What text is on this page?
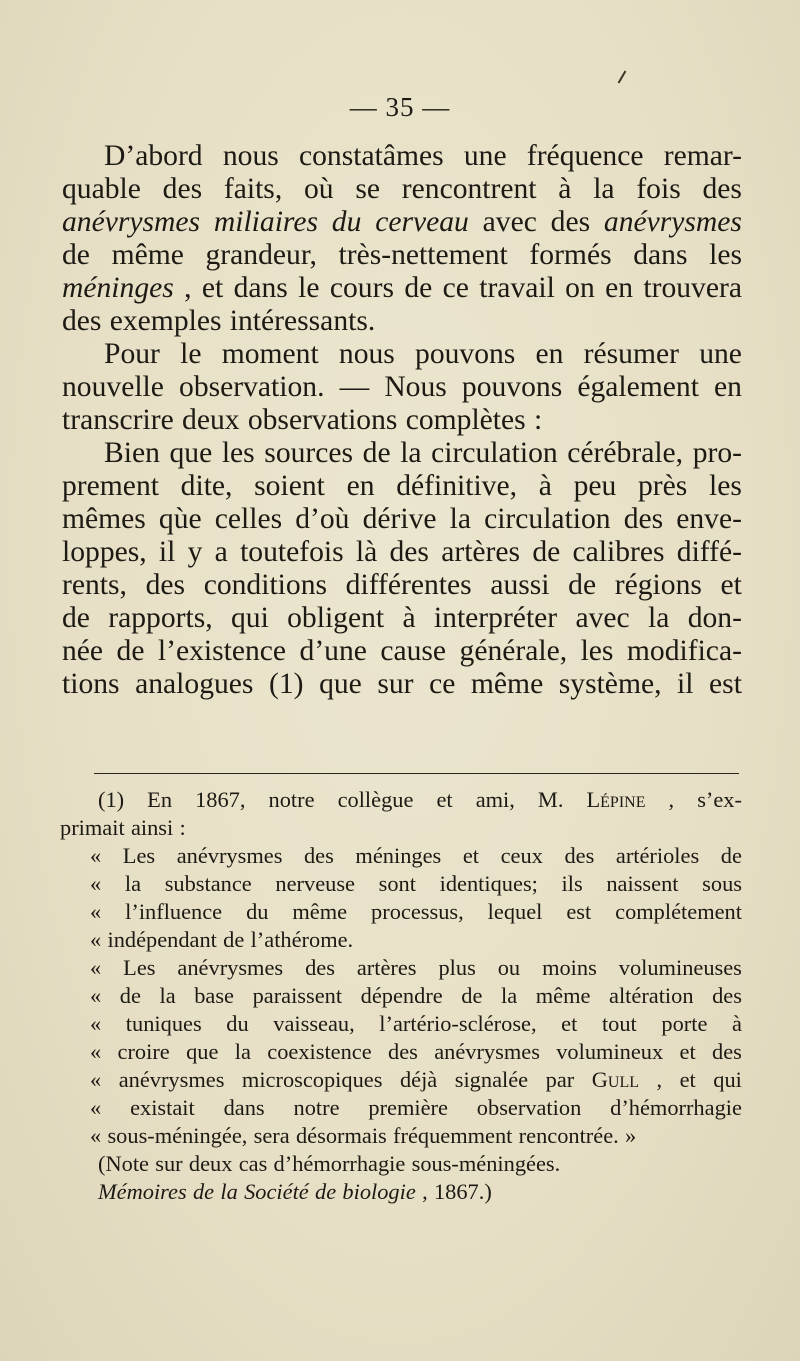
— 35 —
D’abord nous constatâmes une fréquence remar-
quable des faits, où se rencontrent à la fois des
anévrysmes miliaires du cerveau avec des anévrysmes
de même grandeur, très-nettement formés dans les
méninges , et dans le cours de ce travail on en trouvera
des exemples intéressants.
Pour le moment nous pouvons en résumer une
nouvelle observation. — Nous pouvons également en
transcrire deux observations complètes :
Bien que les sources de la circulation cérébrale, pro-
prement dite, soient en définitive, à peu près les
mêmes qùe celles d’où dérive la circulation des enve-
loppes, il y a toutefois là des artères de calibres diffé-
rents, des conditions différentes aussi de régions et
de rapports, qui obligent à interpréter avec la don-
née de l’existence d’une cause générale, les modifica-
tions analogues (1) que sur ce même système, il est
(1) En 1867, notre collègue et ami, M. Lépine , s’ex-
primait ainsi :
« Les anévrysmes des méninges et ceux des artérioles de
« la substance nerveuse sont identiques; ils naissent sous
« l’influence du même processus, lequel est complétement
« indépendant de l’athérome.
« Les anévrysmes des artères plus ou moins volumineuses
« de la base paraissent dépendre de la même altération des
« tuniques du vaisseau, l’artério-sclérose, et tout porte à
« croire que la coexistence des anévrysmes volumineux et des
« anévrysmes microscopiques déjà signalée par Gull , et qui
« existait dans notre première observation d’hémorrhagie
« sous-méningée, sera désormais fréquemment rencontrée. »
(Note sur deux cas d’hémorrhagie sous-méningées.
Mémoires de la Société de biologie , 1867.)
